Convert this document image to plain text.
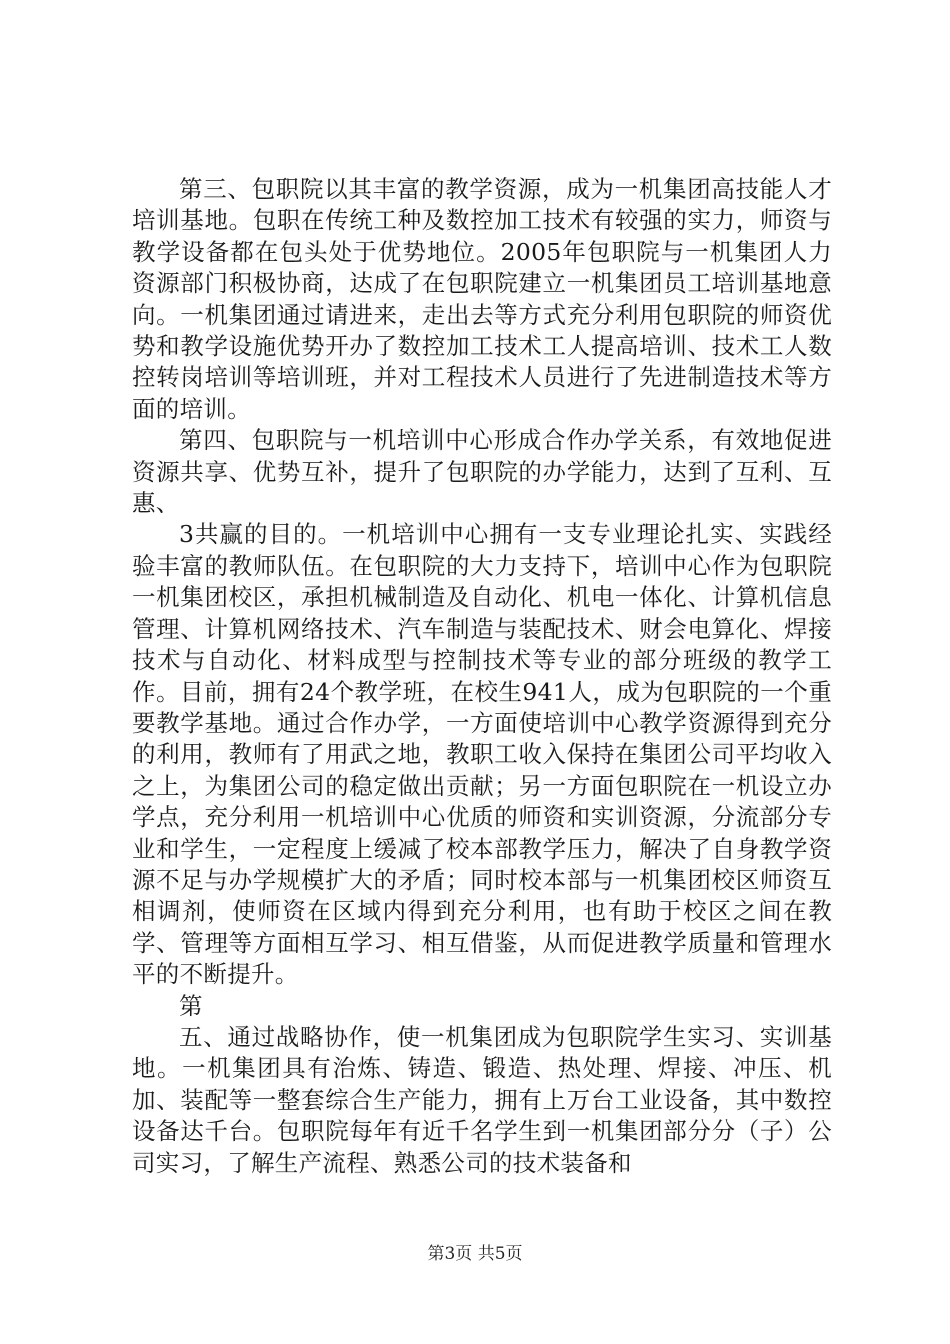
第三、包职院以其丰富的教学资源，成为一机集团高技能人才培训基地。包职在传统工种及数控加工技术有较强的实力，师资与教学设备都在包头处于优势地位。2005年包职院与一机集团人力资源部门积极协商，达成了在包职院建立一机集团员工培训基地意向。一机集团通过请进来，走出去等方式充分利用包职院的师资优势和教学设施优势开办了数控加工技术工人提高培训、技术工人数控转岗培训等培训班，并对工程技术人员进行了先进制造技术等方面的培训。

第四、包职院与一机培训中心形成合作办学关系，有效地促进资源共享、优势互补，提升了包职院的办学能力，达到了互利、互惠、

3共赢的目的。一机培训中心拥有一支专业理论扎实、实践经验丰富的教师队伍。在包职院的大力支持下，培训中心作为包职院一机集团校区，承担机械制造及自动化、机电一体化、计算机信息管理、计算机网络技术、汽车制造与装配技术、财会电算化、焊接技术与自动化、材料成型与控制技术等专业的部分班级的教学工作。目前，拥有24个教学班，在校生941人，成为包职院的一个重要教学基地。通过合作办学，一方面使培训中心教学资源得到充分的利用，教师有了用武之地，教职工收入保持在集团公司平均收入之上，为集团公司的稳定做出贡献；另一方面包职院在一机设立办学点，充分利用一机培训中心优质的师资和实训资源，分流部分专业和学生，一定程度上缓减了校本部教学压力，解决了自身教学资源不足与办学规模扩大的矛盾；同时校本部与一机集团校区师资互相调剂，使师资在区域内得到充分利用，也有助于校区之间在教学、管理等方面相互学习、相互借鉴，从而促进教学质量和管理水平的不断提升。

第

五、通过战略协作，使一机集团成为包职院学生实习、实训基地。一机集团具有治炼、铸造、锻造、热处理、焊接、冲压、机加、装配等一整套综合生产能力，拥有上万台工业设备，其中数控设备达千台。包职院每年有近千名学生到一机集团部分分（子）公司实习，了解生产流程、熟悉公司的技术装备和

第3页 共5页
